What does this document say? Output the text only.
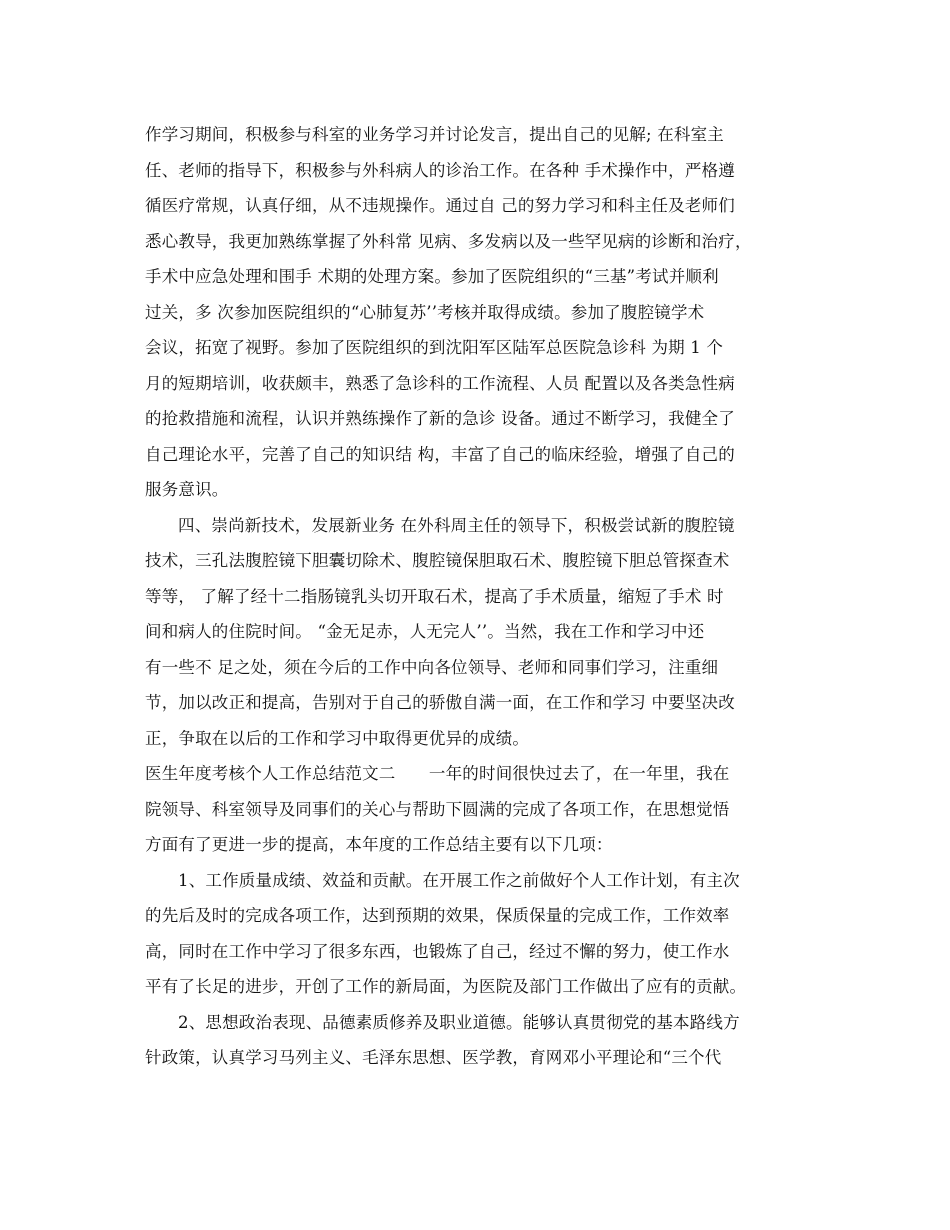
作学习期间，积极参与科室的业务学习并讨论发言，提出自己的见解; 在科室主
任、老师的指导下，积极参与外科病人的诊治工作。在各种 手术操作中，严格遵
循医疗常规，认真仔细，从不违规操作。通过自 己的努力学习和科主任及老师们
悉心教导，我更加熟练掌握了外科常 见病、多发病以及一些罕见病的诊断和治疗，
手术中应急处理和围手 术期的处理方案。参加了医院组织的“三基”考试并顺利
过关，多 次参加医院组织的“心肺复苏’’考核并取得成绩。参加了腹腔镜学术
会议，拓宽了视野。参加了医院组织的到沈阳军区陆军总医院急诊科 为期 1 个
月的短期培训，收获颇丰，熟悉了急诊科的工作流程、人员 配置以及各类急性病
的抢救措施和流程，认识并熟练操作了新的急诊 设备。通过不断学习，我健全了
自己理论水平，完善了自己的知识结 构，丰富了自己的临床经验，增强了自己的
服务意识。
四、崇尚新技术，发展新业务 在外科周主任的领导下，积极尝试新的腹腔镜
技术，三孔法腹腔镜下胆囊切除术、腹腔镜保胆取石术、腹腔镜下胆总管探查术
等等， 了解了经十二指肠镜乳头切开取石术，提高了手术质量，缩短了手术 时
间和病人的住院时间。 “金无足赤，人无完人’’。当然，我在工作和学习中还
有一些不 足之处，须在今后的工作中向各位领导、老师和同事们学习，注重细
节，加以改正和提高，告别对于自己的骄傲自满一面，在工作和学习 中要坚决改
正，争取在以后的工作和学习中取得更优异的成绩。
医生年度考核个人工作总结范文二　　一年的时间很快过去了，在一年里，我在
院领导、科室领导及同事们的关心与帮助下圆满的完成了各项工作，在思想觉悟
方面有了更进一步的提高，本年度的工作总结主要有以下几项：
1、工作质量成绩、效益和贡献。在开展工作之前做好个人工作计划，有主次
的先后及时的完成各项工作，达到预期的效果，保质保量的完成工作，工作效率
高，同时在工作中学习了很多东西，也锻炼了自己，经过不懈的努力，使工作水
平有了长足的进步，开创了工作的新局面，为医院及部门工作做出了应有的贡献。
2、思想政治表现、品德素质修养及职业道德。能够认真贯彻党的基本路线方
针政策，认真学习马列主义、毛泽东思想、医学教，育网邓小平理论和“三个代
